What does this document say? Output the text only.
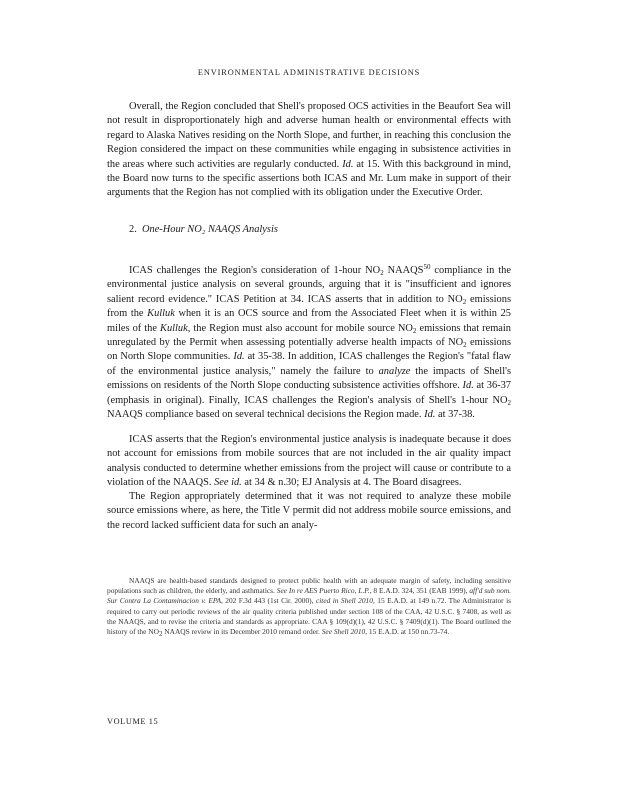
ENVIRONMENTAL ADMINISTRATIVE DECISIONS

Overall, the Region concluded that Shell's proposed OCS activities in the Beaufort Sea will not result in disproportionately high and adverse human health or environmental effects with regard to Alaska Natives residing on the North Slope, and further, in reaching this conclusion the Region considered the impact on these communities while engaging in subsistence activities in the areas where such activities are regularly conducted. Id. at 15. With this background in mind, the Board now turns to the specific assertions both ICAS and Mr. Lum make in support of their arguments that the Region has not complied with its obligation under the Executive Order.

2. One-Hour NO₂ NAAQS Analysis

ICAS challenges the Region's consideration of 1-hour $NO_2$ NAAQS$^{50}$ compliance in the environmental justice analysis on several grounds, arguing that it is "insufficient and ignores salient record evidence." ICAS Petition at 34. ICAS asserts that in addition to $NO_2$ emissions from the Kulluk when it is an OCS source and from the Associated Fleet when it is within 25 miles of the Kulluk, the Region must also account for mobile source $NO_2$ emissions that remain unregulated by the Permit when assessing potentially adverse health impacts of $NO_2$ emissions on North Slope communities. Id. at 35-38. In addition, ICAS challenges the Region's "fatal flaw of the environmental justice analysis," namely the failure to analyze the impacts of Shell's emissions on residents of the North Slope conducting subsistence activities offshore. Id. at 36-37 (emphasis in original). Finally, ICAS challenges the Region's analysis of Shell's 1-hour $NO_2$ NAAQS compliance based on several technical decisions the Region made. Id. at 37-38.

ICAS asserts that the Region's environmental justice analysis is inadequate because it does not account for emissions from mobile sources that are not included in the air quality impact analysis conducted to determine whether emissions from the project will cause or contribute to a violation of the NAAQS. See id. at 34 & n.30; EJ Analysis at 4. The Board disagrees.

The Region appropriately determined that it was not required to analyze these mobile source emissions where, as here, the Title V permit did not address mobile source emissions, and the record lacked sufficient data for such an analy-

NAAQS are health-based standards designed to protect public health with an adequate margin of safety, including sensitive populations such as children, the elderly, and asthmatics. See In re AES Puerto Rico, L.P., 8 E.A.D. 324, 351 (EAB 1999), aff'd sub nom. Sur Contra La Contaminacion v. EPA, 202 F.3d 443 (1st Cir. 2000), cited in Shell 2010, 15 E.A.D. at 149 n.72. The Administrator is required to carry out periodic reviews of the air quality criteria published under section 108 of the CAA, 42 U.S.C. § 7408, as well as the NAAQS, and to revise the criteria and standards as appropriate. CAA § 109(d)(1), 42 U.S.C. § 7409(d)(1). The Board outlined the history of the $NO_2$ NAAQS review in its December 2010 remand order. See Shell 2010, 15 E.A.D. at 150 nn.73-74.

VOLUME 15
